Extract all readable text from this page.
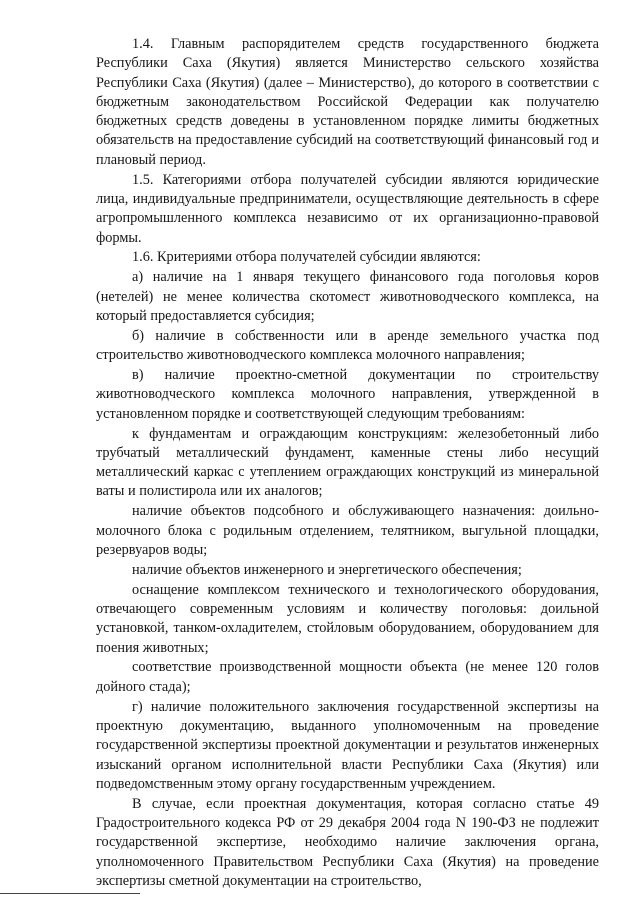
1.4. Главным распорядителем средств государственного бюджета Республики Саха (Якутия) является Министерство сельского хозяйства Республики Саха (Якутия) (далее – Министерство), до которого в соответствии с бюджетным законодательством Российской Федерации как получателю бюджетных средств доведены в установленном порядке лимиты бюджетных обязательств на предоставление субсидий на соответствующий финансовый год и плановый период.

1.5. Категориями отбора получателей субсидии являются юридические лица, индивидуальные предприниматели, осуществляющие деятельность в сфере агропромышленного комплекса независимо от их организационно-правовой формы.

1.6. Критериями отбора получателей субсидии являются:

а) наличие на 1 января текущего финансового года поголовья коров (нетелей) не менее количества скотомест животноводческого комплекса, на который предоставляется субсидия;

б) наличие в собственности или в аренде земельного участка под строительство животноводческого комплекса молочного направления;

в) наличие проектно-сметной документации по строительству животноводческого комплекса молочного направления, утвержденной в установленном порядке и соответствующей следующим требованиям:

к фундаментам и ограждающим конструкциям: железобетонный либо трубчатый металлический фундамент, каменные стены либо несущий металлический каркас с утеплением ограждающих конструкций из минеральной ваты и полистирола или их аналогов;

наличие объектов подсобного и обслуживающего назначения: доильно-молочного блока с родильным отделением, телятником, выгульной площадки, резервуаров воды;

наличие объектов инженерного и энергетического обеспечения;

оснащение комплексом технического и технологического оборудования, отвечающего современным условиям и количеству поголовья: доильной установкой, танком-охладителем, стойловым оборудованием, оборудованием для поения животных;

соответствие производственной мощности объекта (не менее 120 голов дойного стада);

г) наличие положительного заключения государственной экспертизы на проектную документацию, выданного уполномоченным на проведение государственной экспертизы проектной документации и результатов инженерных изысканий органом исполнительной власти Республики Саха (Якутия) или подведомственным этому органу государственным учреждением.

В случае, если проектная документация, которая согласно статье 49 Градостроительного кодекса РФ от 29 декабря 2004 года N 190-ФЗ не подлежит государственной экспертизе, необходимо наличие заключения органа, уполномоченного Правительством Республики Саха (Якутия) на проведение экспертизы сметной документации на строительство,
